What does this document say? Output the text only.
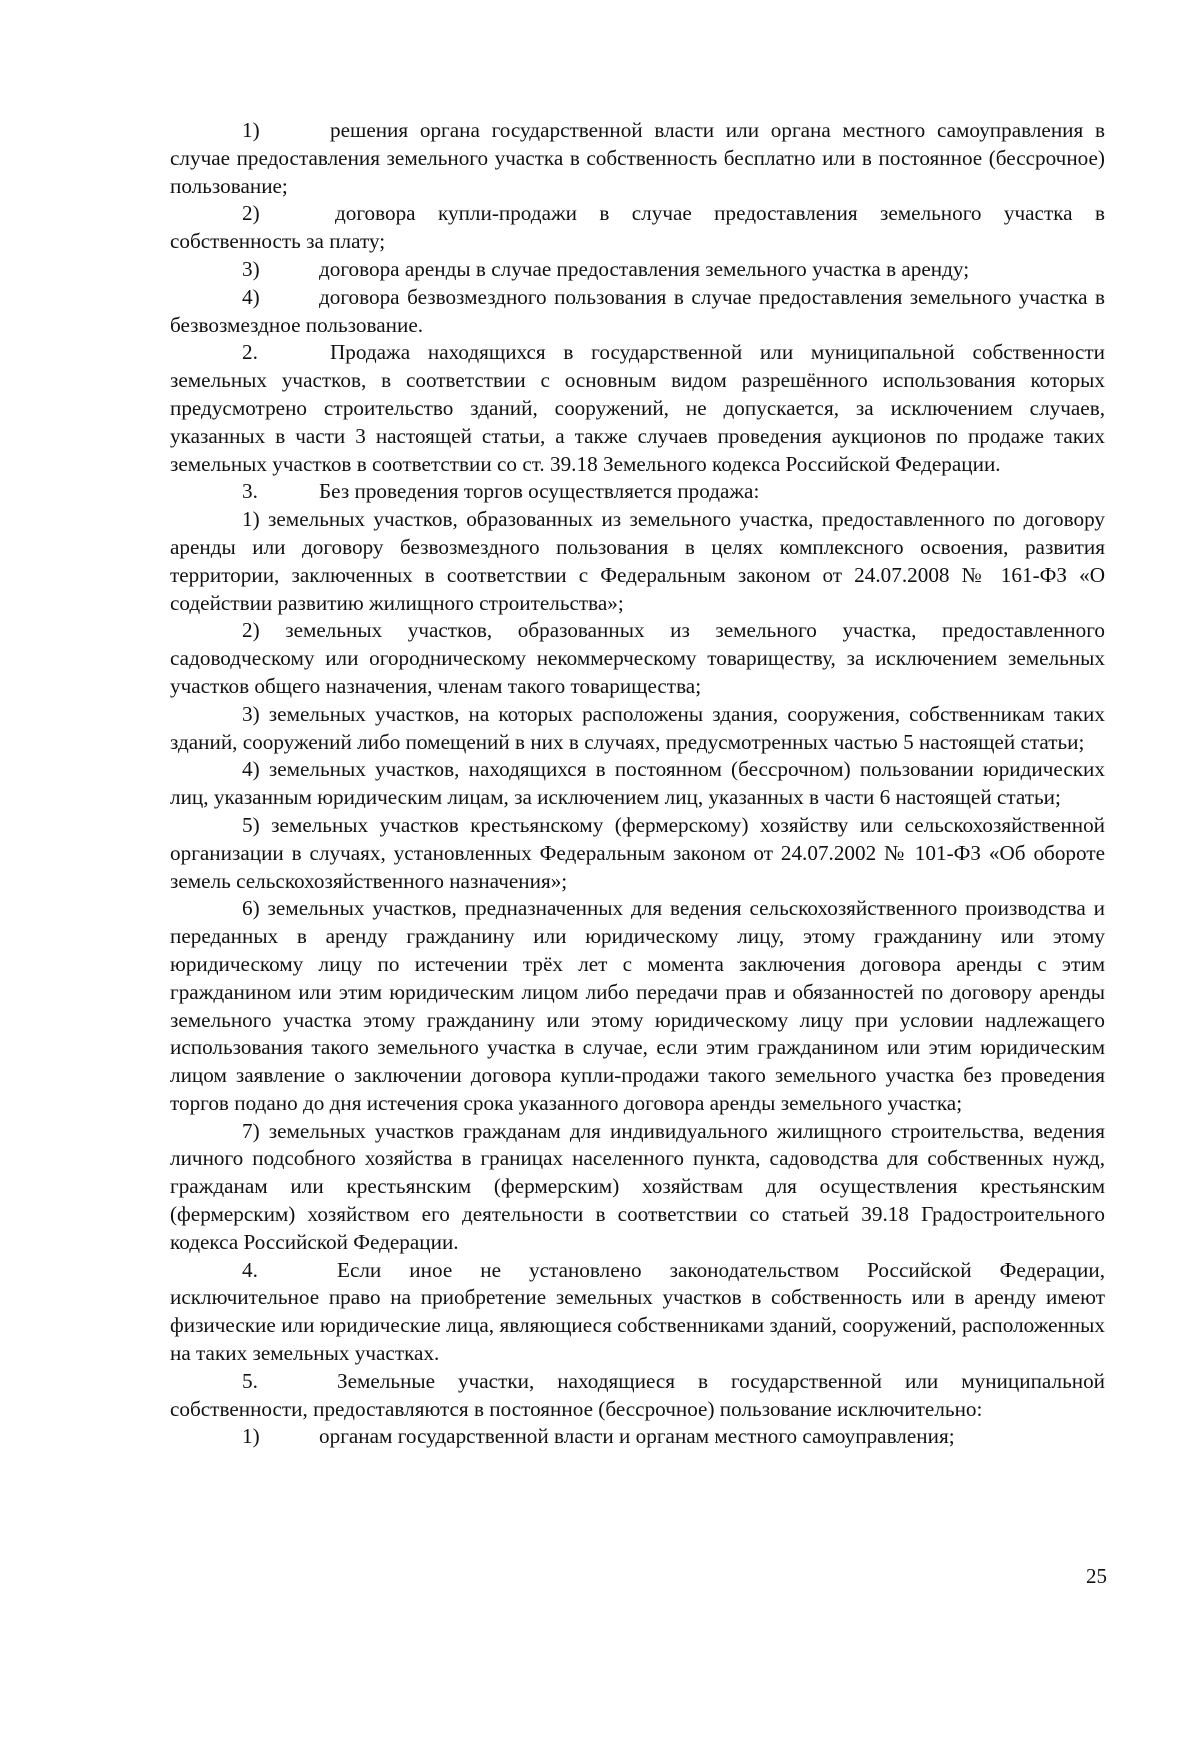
1)	решения органа государственной власти или органа местного самоуправления в случае предоставления земельного участка в собственность бесплатно или в постоянное (бессрочное) пользование;

2)	договора купли-продажи в случае предоставления земельного участка в собственность за плату;

3)	договора аренды в случае предоставления земельного участка в аренду;

4)	договора безвозмездного пользования в случае предоставления земельного участка в безвозмездное пользование.

2.	Продажа находящихся в государственной или муниципальной собственности земельных участков, в соответствии с основным видом разрешённого использования которых предусмотрено строительство зданий, сооружений, не допускается, за исключением случаев, указанных в части 3 настоящей статьи, а также случаев проведения аукционов по продаже таких земельных участков в соответствии со ст. 39.18 Земельного кодекса Российской Федерации.

3.	Без проведения торгов осуществляется продажа:

1) земельных участков, образованных из земельного участка, предоставленного по договору аренды или договору безвозмездного пользования в целях комплексного освоения, развития территории, заключенных в соответствии с Федеральным законом от 24.07.2008 № 161-ФЗ «О содействии развитию жилищного строительства»;

2) земельных участков, образованных из земельного участка, предоставленного садоводческому или огородническому некоммерческому товариществу, за исключением земельных участков общего назначения, членам такого товарищества;

3) земельных участков, на которых расположены здания, сооружения, собственникам таких зданий, сооружений либо помещений в них в случаях, предусмотренных частью 5 настоящей статьи;

4) земельных участков, находящихся в постоянном (бессрочном) пользовании юридических лиц, указанным юридическим лицам, за исключением лиц, указанных в части 6 настоящей статьи;

5) земельных участков крестьянскому (фермерскому) хозяйству или сельскохозяйственной организации в случаях, установленных Федеральным законом от 24.07.2002 № 101-ФЗ «Об обороте земель сельскохозяйственного назначения»;

6) земельных участков, предназначенных для ведения сельскохозяйственного производства и переданных в аренду гражданину или юридическому лицу, этому гражданину или этому юридическому лицу по истечении трёх лет с момента заключения договора аренды с этим гражданином или этим юридическим лицом либо передачи прав и обязанностей по договору аренды земельного участка этому гражданину или этому юридическому лицу при условии надлежащего использования такого земельного участка в случае, если этим гражданином или этим юридическим лицом заявление о заключении договора купли-продажи такого земельного участка без проведения торгов подано до дня истечения срока указанного договора аренды земельного участка;

7) земельных участков гражданам для индивидуального жилищного строительства, ведения личного подсобного хозяйства в границах населенного пункта, садоводства для собственных нужд, гражданам или крестьянским (фермерским) хозяйствам для осуществления крестьянским (фермерским) хозяйством его деятельности в соответствии со статьей 39.18 Градостроительного кодекса Российской Федерации.

4.	Если иное не установлено законодательством Российской Федерации, исключительное право на приобретение земельных участков в собственность или в аренду имеют физические или юридические лица, являющиеся собственниками зданий, сооружений, расположенных на таких земельных участках.

5.	Земельные участки, находящиеся в государственной или муниципальной собственности, предоставляются в постоянное (бессрочное) пользование исключительно:

1)	органам государственной власти и органам местного самоуправления;

25
